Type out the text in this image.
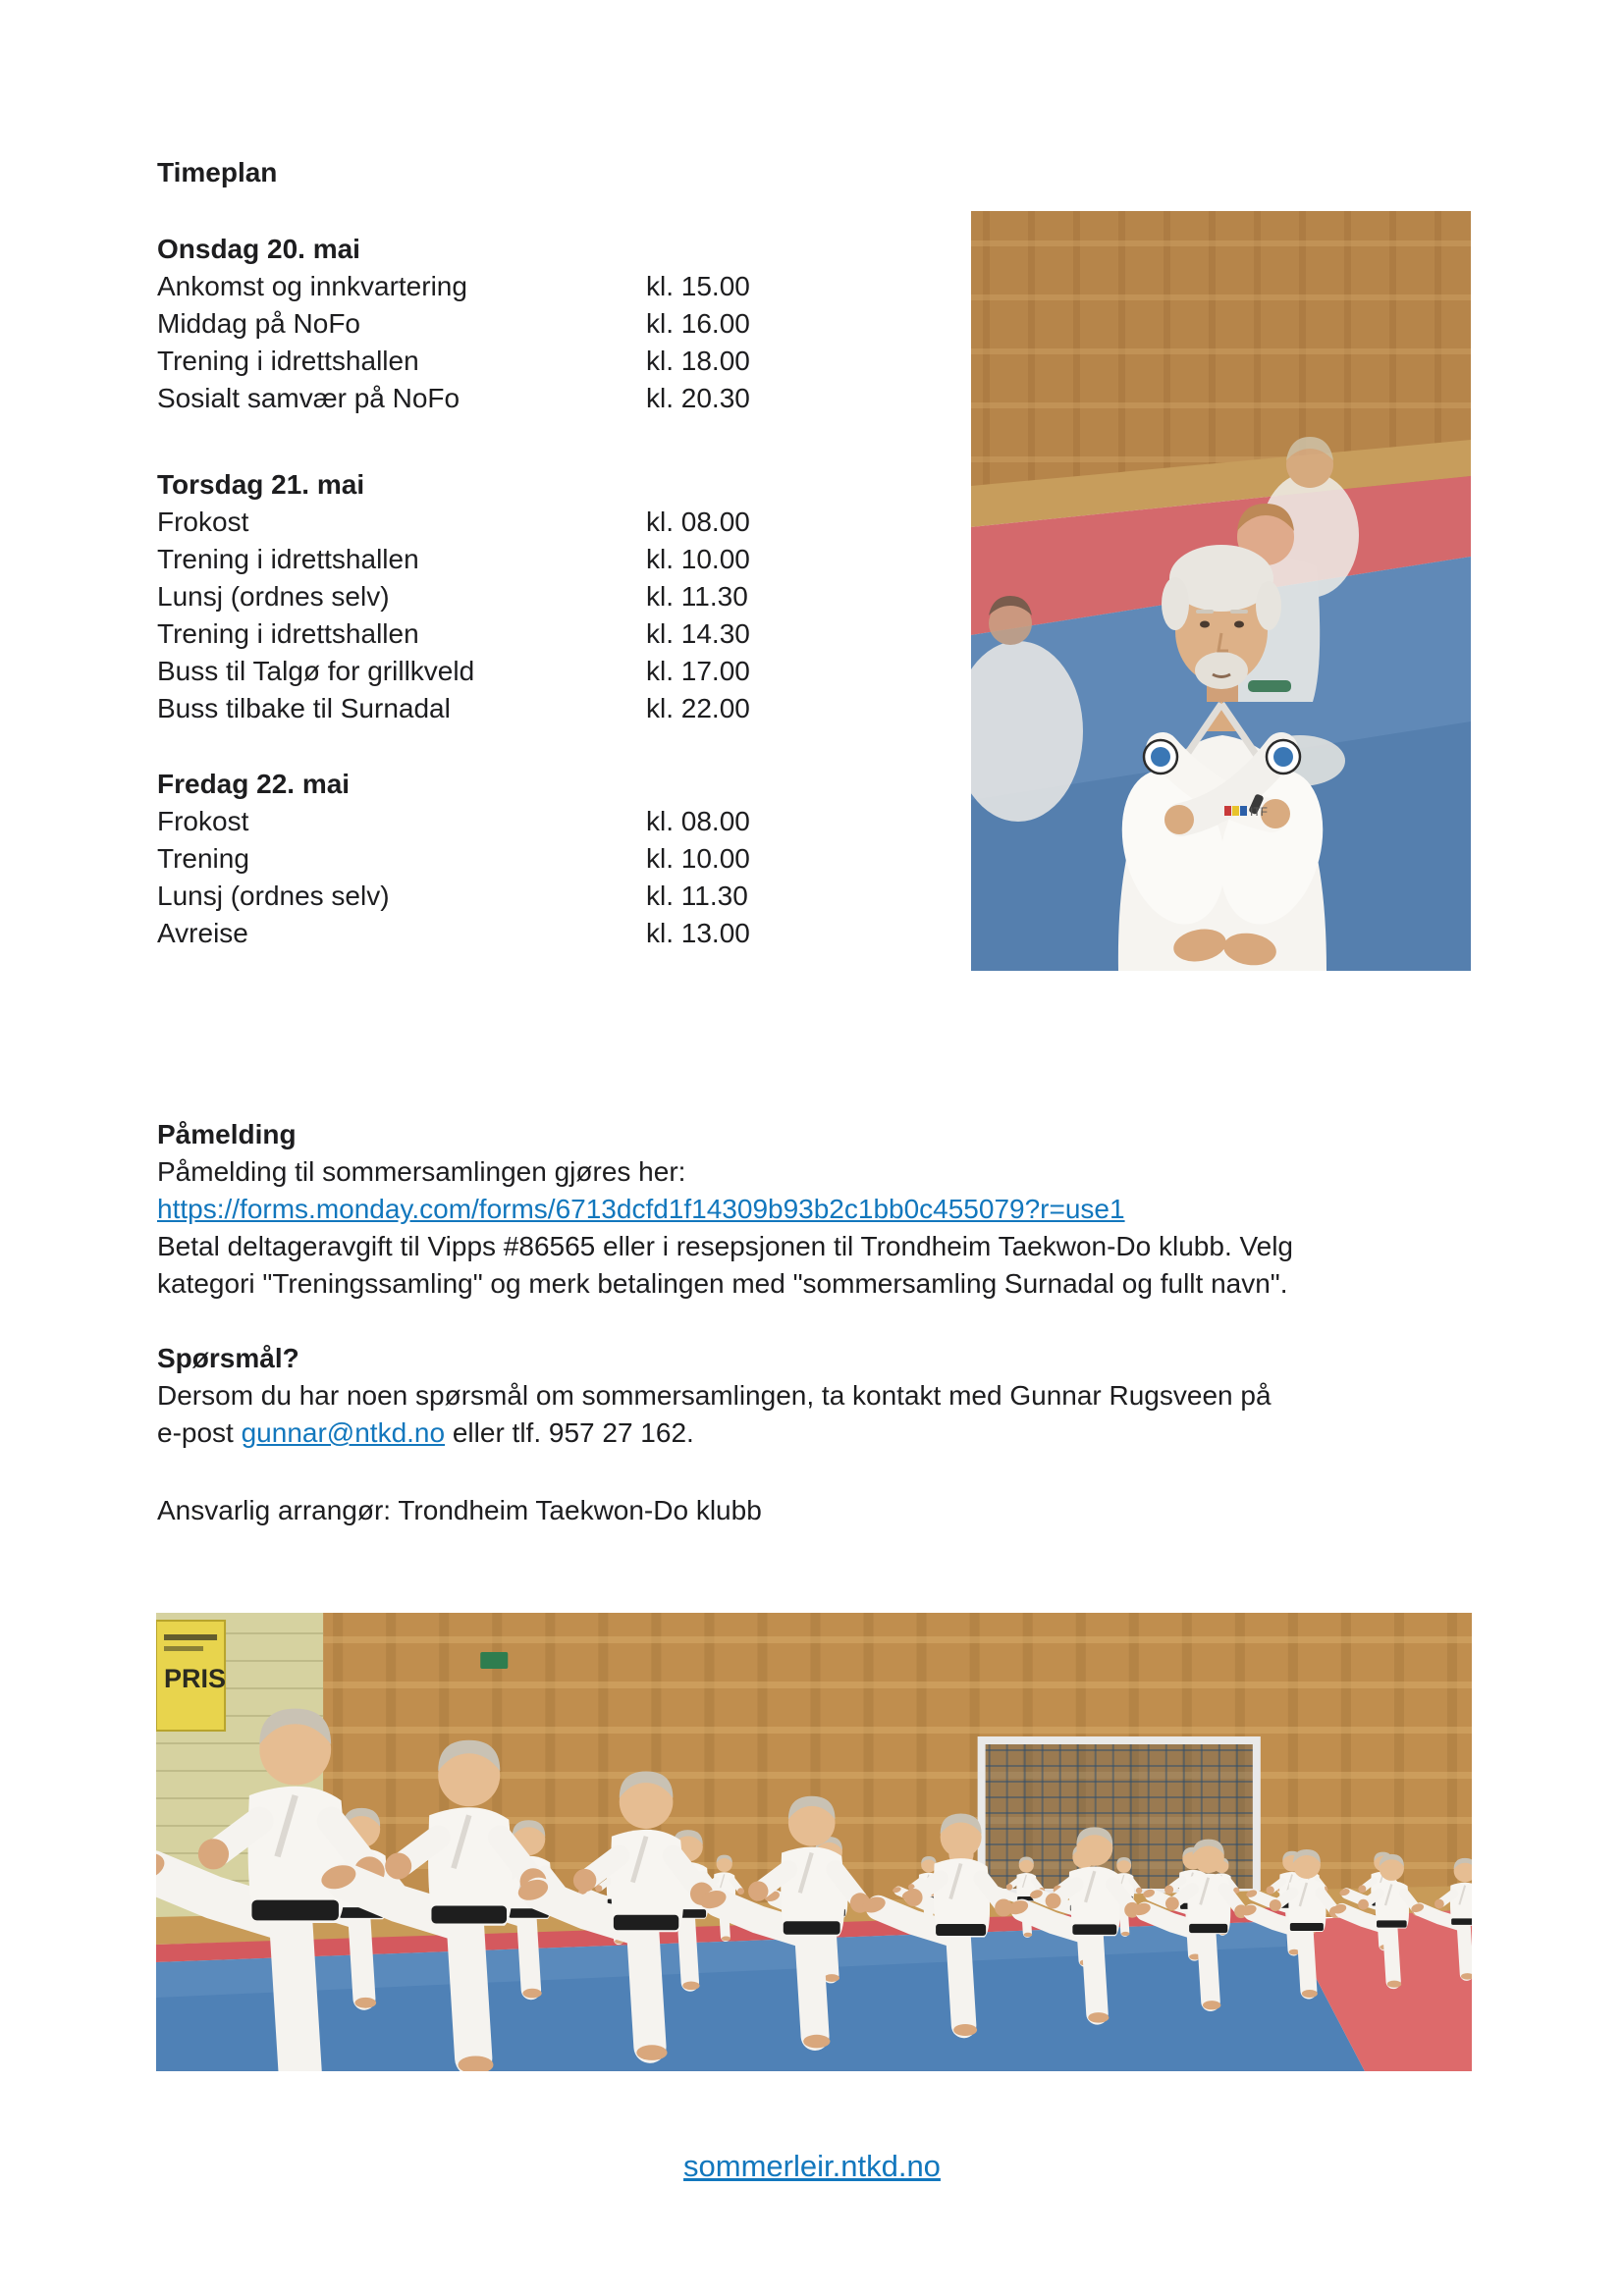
Timeplan
Onsdag 20. mai
Ankomst og innkvartering	kl. 15.00
Middag på NoFo	kl. 16.00
Trening i idrettshallen	kl. 18.00
Sosialt samvær på NoFo	kl. 20.30
Torsdag 21. mai
Frokost	kl. 08.00
Trening i idrettshallen	kl. 10.00
Lunsj (ordnes selv)	kl. 11.30
Trening i idrettshallen	kl. 14.30
Buss til Talgø for grillkveld	kl. 17.00
Buss tilbake til Surnadal	kl. 22.00
Fredag 22. mai
Frokost	kl. 08.00
Trening	kl. 10.00
Lunsj (ordnes selv)	kl. 11.30
Avreise	kl. 13.00
ITF

Påmelding

Påmelding til sommersamlingen gjøres her:

https://forms.monday.com/forms/6713dcfd1f14309b93b2c1bb0c455079?r=use1

Betal deltageravgift til Vipps #86565 eller i resepsjonen til Trondheim Taekwon-Do klubb. Velg
kategori "Treningssamling" og merk betalingen med "sommersamling Surnadal og fullt navn".

Spørsmål?

Dersom du har noen spørsmål om sommersamlingen, ta kontakt med Gunnar Rugsveen på
e-post gunnar@ntkd.no eller tlf. 957 27 162.

Ansvarlig arrangør: Trondheim Taekwon-Do klubb
PRIS
sommerleir.ntkd.no
